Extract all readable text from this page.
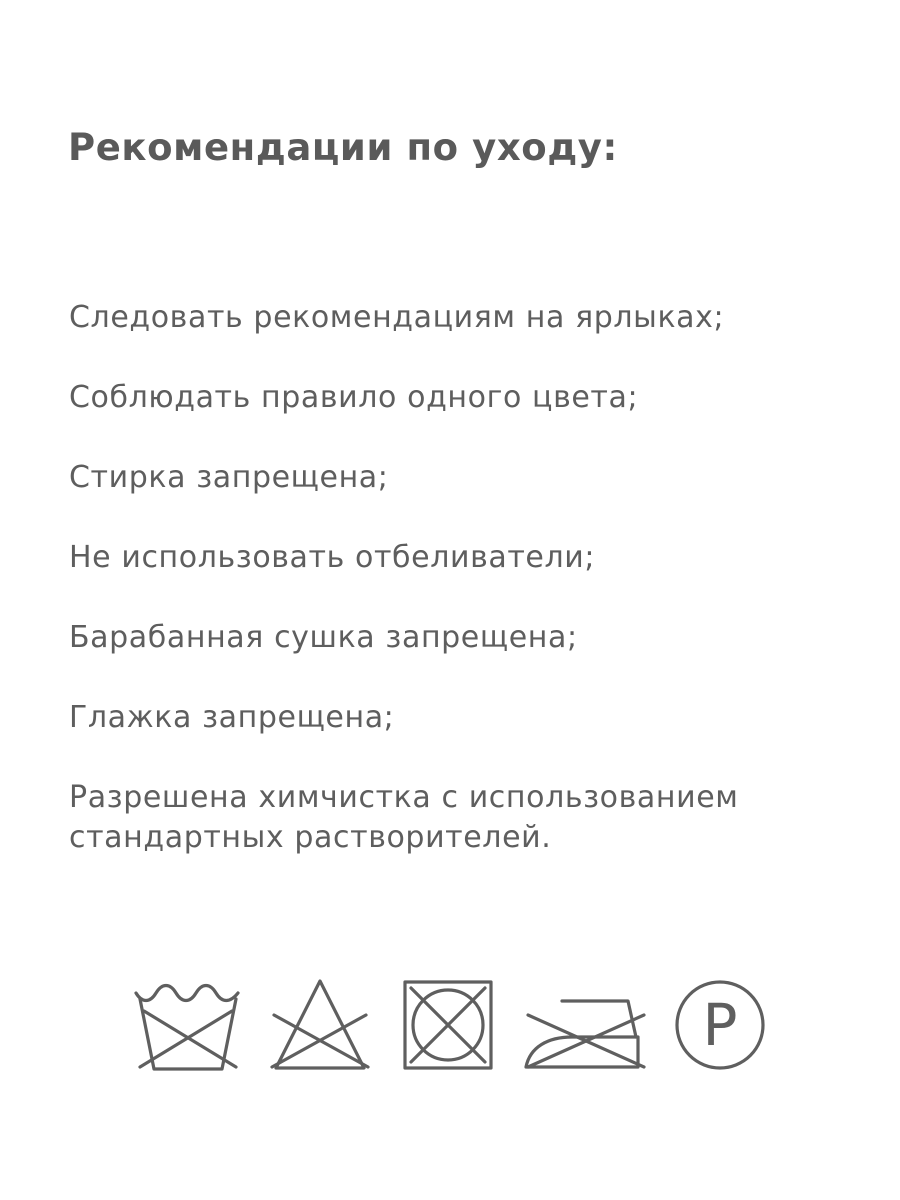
Рекомендации по уходу:
Следовать рекомендациям на ярлыках;
Соблюдать правило одного цвета;
Стирка запрещена;
Не использовать отбеливатели;
Барабанная сушка запрещена;
Глажка запрещена;
Разрешена химчистка с использованием стандартных растворителей.
P
